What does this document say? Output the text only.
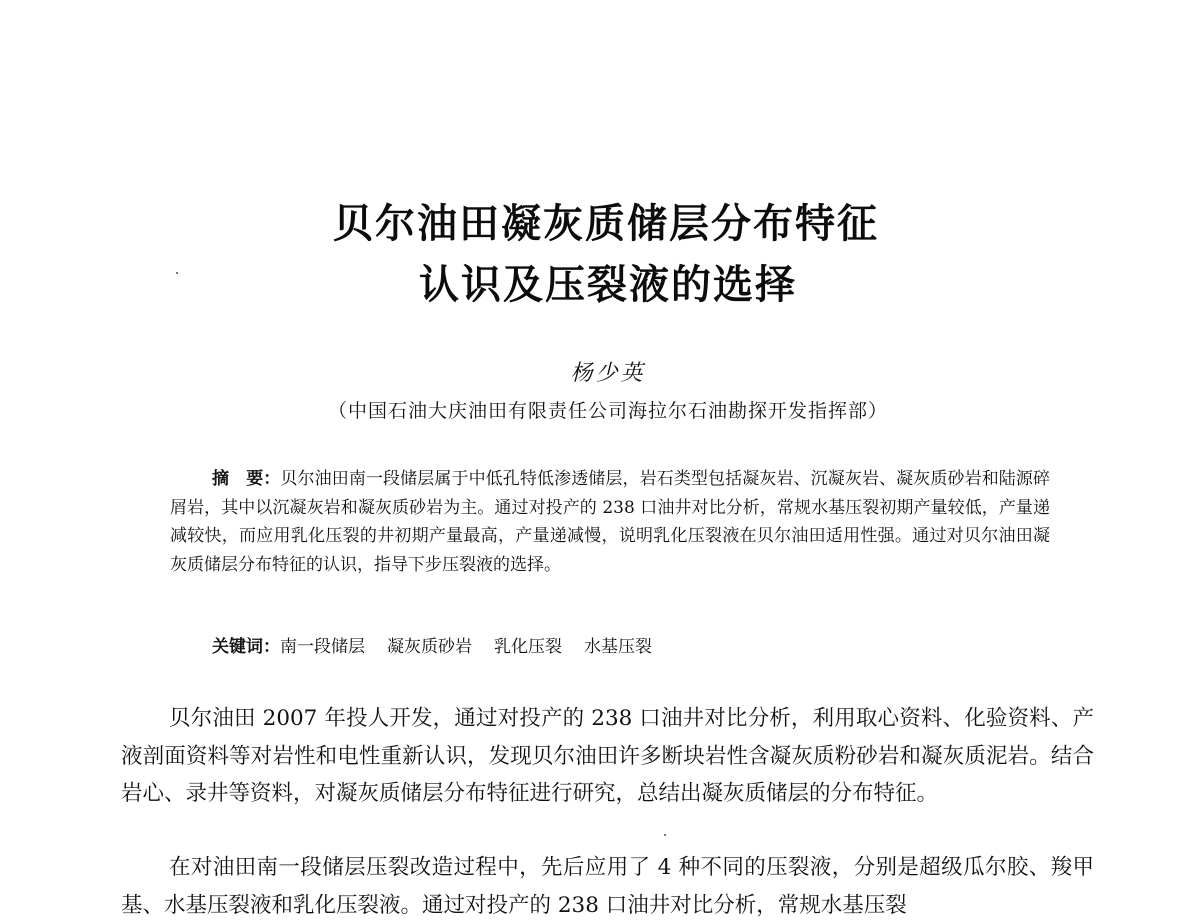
贝尔油田凝灰质储层分布特征
认识及压裂液的选择
杨少英
（中国石油大庆油田有限责任公司海拉尔石油勘探开发指挥部）
摘　要：贝尔油田南一段储层属于中低孔特低渗透储层，岩石类型包括凝灰岩、沉凝灰岩、凝灰质砂岩和陆源碎屑岩，其中以沉凝灰岩和凝灰质砂岩为主。通过对投产的 238 口油井对比分析，常规水基压裂初期产量较低，产量递减较快，而应用乳化压裂的井初期产量最高，产量递减慢，说明乳化压裂液在贝尔油田适用性强。通过对贝尔油田凝灰质储层分布特征的认识，指导下步压裂液的选择。
关键词：南一段储层 凝灰质砂岩 乳化压裂 水基压裂
贝尔油田 2007 年投人开发，通过对投产的 238 口油井对比分析，利用取心资料、化验资料、产液剖面资料等对岩性和电性重新认识，发现贝尔油田许多断块岩性含凝灰质粉砂岩和凝灰质泥岩。结合岩心、录井等资料，对凝灰质储层分布特征进行研究，总结出凝灰质储层的分布特征。
在对油田南一段储层压裂改造过程中，先后应用了 4 种不同的压裂液，分别是超级瓜尔胶、羧甲基、水基压裂液和乳化压裂液。通过对投产的 238 口油井对比分析，常规水基压裂
